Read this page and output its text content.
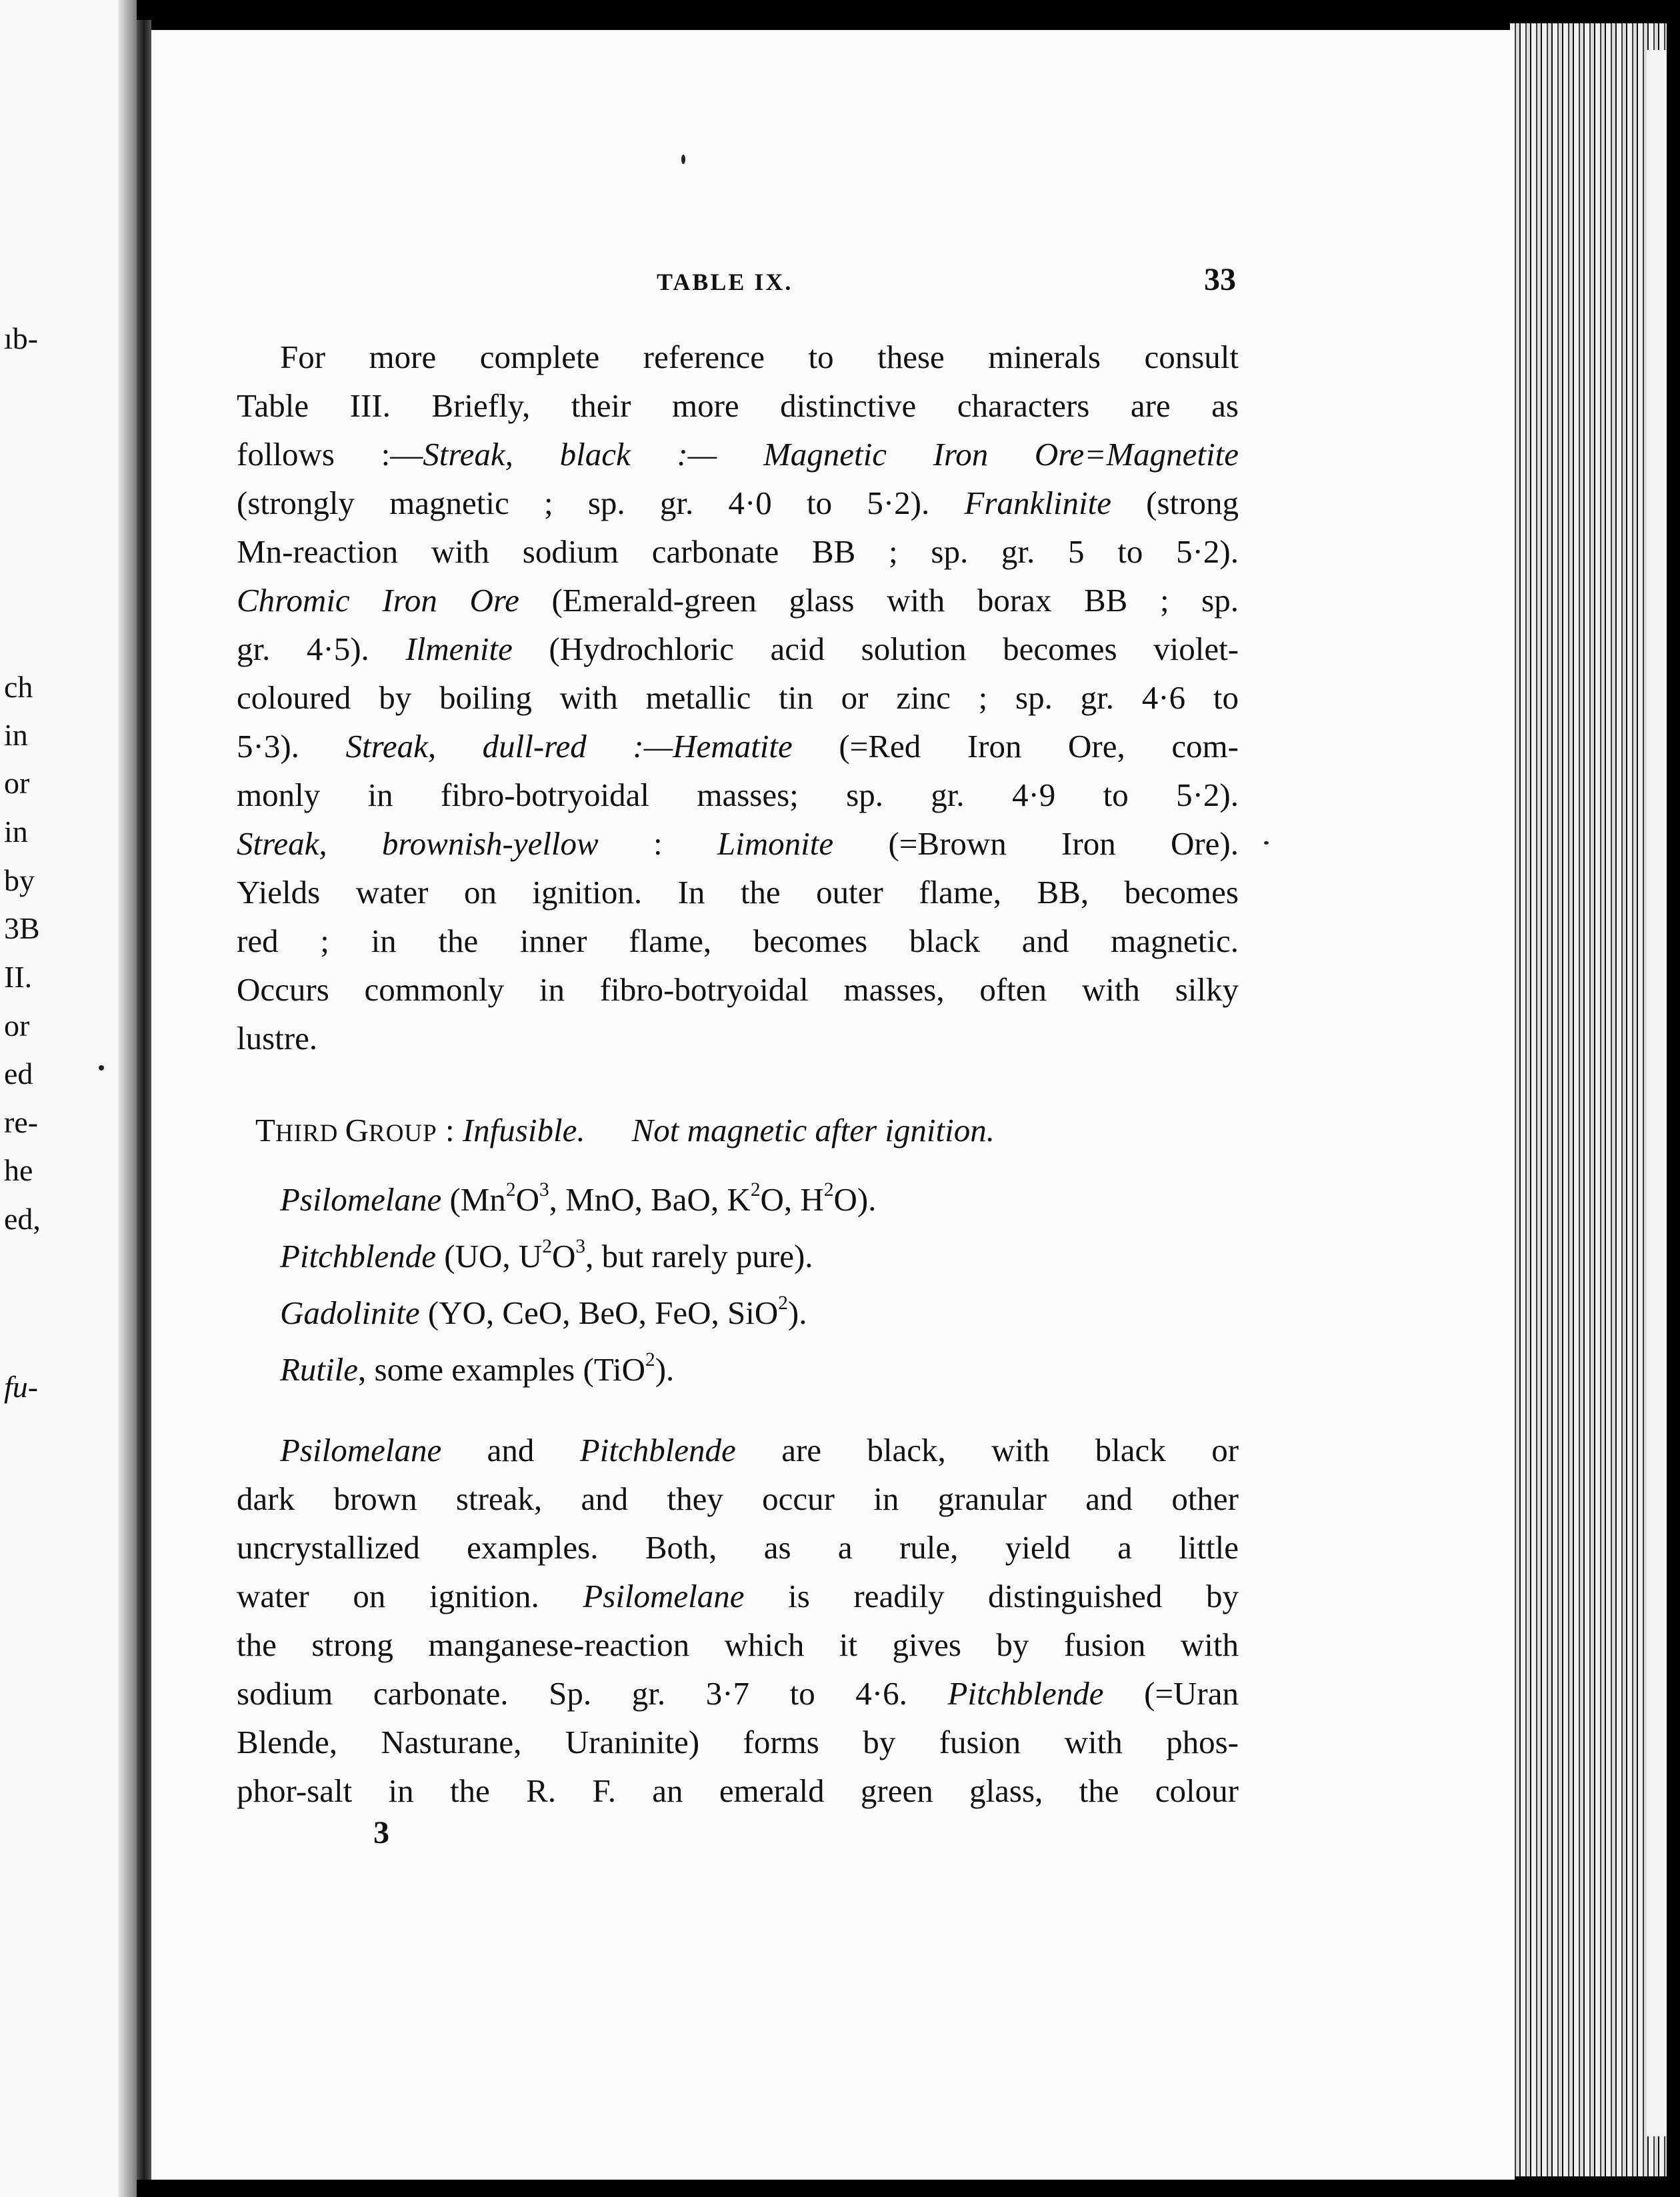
ıb-
ch
in
or
in
by
3B
II.
or
ed
re-
he
ed,
fu-
TABLE IX.	33
For more complete reference to these minerals consult
Table III. Briefly, their more distinctive characters are as
follows :—Streak, black :— Magnetic Iron Ore=Magnetite
(strongly magnetic ; sp. gr. 4·0 to 5·2). Franklinite (strong
Mn-reaction with sodium carbonate BB ; sp. gr. 5 to 5·2).
Chromic Iron Ore (Emerald-green glass with borax BB ; sp.
gr. 4·5). Ilmenite (Hydrochloric acid solution becomes violet-
coloured by boiling with metallic tin or zinc ; sp. gr. 4·6 to
5·3). Streak, dull-red :—Hematite (=Red Iron Ore, com-
monly in fibro-botryoidal masses; sp. gr. 4·9 to 5·2).
Streak, brownish-yellow : Limonite (=Brown Iron Ore).
Yields water on ignition. In the outer flame, BB, becomes
red ; in the inner flame, becomes black and magnetic.
Occurs commonly in fibro-botryoidal masses, often with silky
lustre.
THIRD GROUP : Infusible. Not magnetic after ignition.
Psilomelane ($Mn^2O^3$, MnO, BaO, $K^2O$, $H^2O$).
Pitchblende (UO, $U^2O^3$, but rarely pure).
Gadolinite (YO, CeO, BeO, FeO, SiO$^2$).
Rutile, some examples (TiO$^2$).
Psilomelane and Pitchblende are black, with black or
dark brown streak, and they occur in granular and other
uncrystallized examples. Both, as a rule, yield a little
water on ignition. Psilomelane is readily distinguished by
the strong manganese-reaction which it gives by fusion with
sodium carbonate. Sp. gr. 3·7 to 4·6. Pitchblende (=Uran
Blende, Nasturane, Uraninite) forms by fusion with phos-
phor-salt in the R. F. an emerald green glass, the colour
3
